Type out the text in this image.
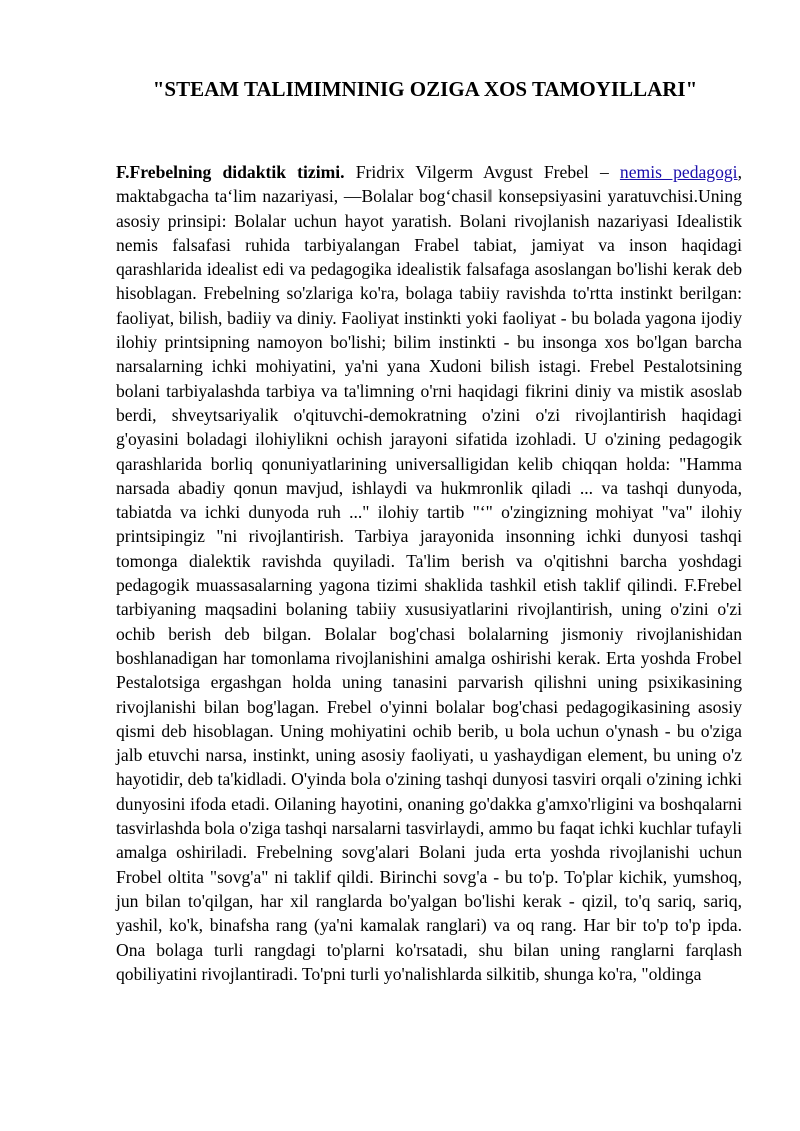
"STEAM TALIMIMNINIG OZIGA XOS TAMOYILLARI"

F.Frebelning didaktik tizimi. Fridrix Vilgerm Avgust Frebel – nemis pedagogi, maktabgacha ta‘lim nazariyasi, ―Bolalar bog‘chasi‖ konsepsiyasini yaratuvchisi.Uning asosiy prinsipi: Bolalar uchun hayot yaratish. Bolani rivojlanish nazariyasi Idealistik nemis falsafasi ruhida tarbiyalangan Frabel tabiat, jamiyat va inson haqidagi qarashlarida idealist edi va pedagogika idealistik falsafaga asoslangan bo'lishi kerak deb hisoblagan. Frebelning so'zlariga ko'ra, bolaga tabiiy ravishda to'rtta instinkt berilgan: faoliyat, bilish, badiiy va diniy. Faoliyat instinkti yoki faoliyat - bu bolada yagona ijodiy ilohiy printsipning namoyon bo'lishi; bilim instinkti - bu insonga xos bo'lgan barcha narsalarning ichki mohiyatini, ya'ni yana Xudoni bilish istagi. Frebel Pestalotsining bolani tarbiyalashda tarbiya va ta'limning o'rni haqidagi fikrini diniy va mistik asoslab berdi, shveytsariyalik o'qituvchi-demokratning o'zini o'zi rivojlantirish haqidagi g'oyasini boladagi ilohiylikni ochish jarayoni sifatida izohladi. U o'zining pedagogik qarashlarida borliq qonuniyatlarining universalligidan kelib chiqqan holda: "Hamma narsada abadiy qonun mavjud, ishlaydi va hukmronlik qiladi ... va tashqi dunyoda, tabiatda va ichki dunyoda ruh ..." ilohiy tartib "‘" o'zingizning mohiyat "va" ilohiy printsipingiz "ni rivojlantirish. Tarbiya jarayonida insonning ichki dunyosi tashqi tomonga dialektik ravishda quyiladi. Ta'lim berish va o'qitishni barcha yoshdagi pedagogik muassasalarning yagona tizimi shaklida tashkil etish taklif qilindi. F.Frebel tarbiyaning maqsadini bolaning tabiiy xususiyatlarini rivojlantirish, uning o'zini o'zi ochib berish deb bilgan. Bolalar bog'chasi bolalarning jismoniy rivojlanishidan boshlanadigan har tomonlama rivojlanishini amalga oshirishi kerak. Erta yoshda Frobel Pestalotsiga ergashgan holda uning tanasini parvarish qilishni uning psixikasining rivojlanishi bilan bog'lagan. Frebel o'yinni bolalar bog'chasi pedagogikasining asosiy qismi deb hisoblagan. Uning mohiyatini ochib berib, u bola uchun o'ynash - bu o'ziga jalb etuvchi narsa, instinkt, uning asosiy faoliyati, u yashaydigan element, bu uning o'z hayotidir, deb ta'kidladi. O'yinda bola o'zining tashqi dunyosi tasviri orqali o'zining ichki dunyosini ifoda etadi. Oilaning hayotini, onaning go'dakka g'amxo'rligini va boshqalarni tasvirlashda bola o'ziga tashqi narsalarni tasvirlaydi, ammo bu faqat ichki kuchlar tufayli amalga oshiriladi. Frebelning sovg'alari Bolani juda erta yoshda rivojlanishi uchun Frobel oltita "sovg'a" ni taklif qildi. Birinchi sovg'a - bu to'p. To'plar kichik, yumshoq, jun bilan to'qilgan, har xil ranglarda bo'yalgan bo'lishi kerak - qizil, to'q sariq, sariq, yashil, ko'k, binafsha rang (ya'ni kamalak ranglari) va oq rang. Har bir to'p to'p ipda. Ona bolaga turli rangdagi to'plarni ko'rsatadi, shu bilan uning ranglarni farqlash qobiliyatini rivojlantiradi. To'pni turli yo'nalishlarda silkitib, shunga ko'ra, "oldinga
